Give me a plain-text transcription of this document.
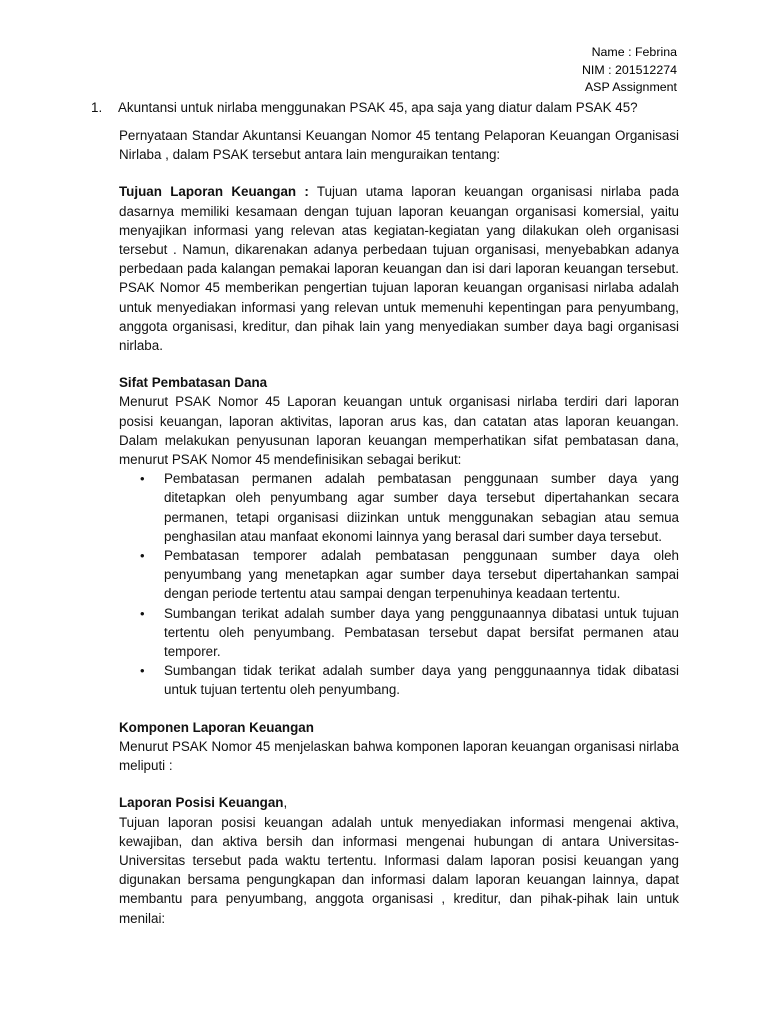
Name : Febrina
NIM : 201512274
ASP Assignment
1. Akuntansi untuk nirlaba menggunakan PSAK 45, apa saja yang diatur dalam PSAK 45?

Pernyataan Standar Akuntansi Keuangan Nomor 45 tentang Pelaporan Keuangan Organisasi Nirlaba , dalam PSAK tersebut antara lain menguraikan tentang:

Tujuan Laporan Keuangan : Tujuan utama laporan keuangan organisasi nirlaba pada dasarnya memiliki kesamaan dengan tujuan laporan keuangan organisasi komersial, yaitu menyajikan informasi yang relevan atas kegiatan-kegiatan yang dilakukan oleh organisasi tersebut . Namun, dikarenakan adanya perbedaan tujuan organisasi, menyebabkan adanya perbedaan pada kalangan pemakai laporan keuangan dan isi dari laporan keuangan tersebut. PSAK Nomor 45 memberikan pengertian tujuan laporan keuangan organisasi nirlaba adalah untuk menyediakan informasi yang relevan untuk memenuhi kepentingan para penyumbang, anggota organisasi, kreditur, dan pihak lain yang menyediakan sumber daya bagi organisasi nirlaba.

Sifat Pembatasan Dana

Menurut PSAK Nomor 45 Laporan keuangan untuk organisasi nirlaba terdiri dari laporan posisi keuangan, laporan aktivitas, laporan arus kas, dan catatan atas laporan keuangan. Dalam melakukan penyusunan laporan keuangan memperhatikan sifat pembatasan dana, menurut PSAK Nomor 45 mendefinisikan sebagai berikut:

• Pembatasan permanen adalah pembatasan penggunaan sumber daya yang ditetapkan oleh penyumbang agar sumber daya tersebut dipertahankan secara permanen, tetapi organisasi diizinkan untuk menggunakan sebagian atau semua penghasilan atau manfaat ekonomi lainnya yang berasal dari sumber daya tersebut.
• Pembatasan temporer adalah pembatasan penggunaan sumber daya oleh penyumbang yang menetapkan agar sumber daya tersebut dipertahankan sampai dengan periode tertentu atau sampai dengan terpenuhinya keadaan tertentu.
• Sumbangan terikat adalah sumber daya yang penggunaannya dibatasi untuk tujuan tertentu oleh penyumbang. Pembatasan tersebut dapat bersifat permanen atau temporer.
• Sumbangan tidak terikat adalah sumber daya yang penggunaannya tidak dibatasi untuk tujuan tertentu oleh penyumbang.

Komponen Laporan Keuangan

Menurut PSAK Nomor 45 menjelaskan bahwa komponen laporan keuangan organisasi nirlaba meliputi :

Laporan Posisi Keuangan,

Tujuan laporan posisi keuangan adalah untuk menyediakan informasi mengenai aktiva, kewajiban, dan aktiva bersih dan informasi mengenai hubungan di antara Universitas-Universitas tersebut pada waktu tertentu. Informasi dalam laporan posisi keuangan yang digunakan bersama pengungkapan dan informasi dalam laporan keuangan lainnya, dapat membantu para penyumbang, anggota organisasi , kreditur, dan pihak-pihak lain untuk menilai:
